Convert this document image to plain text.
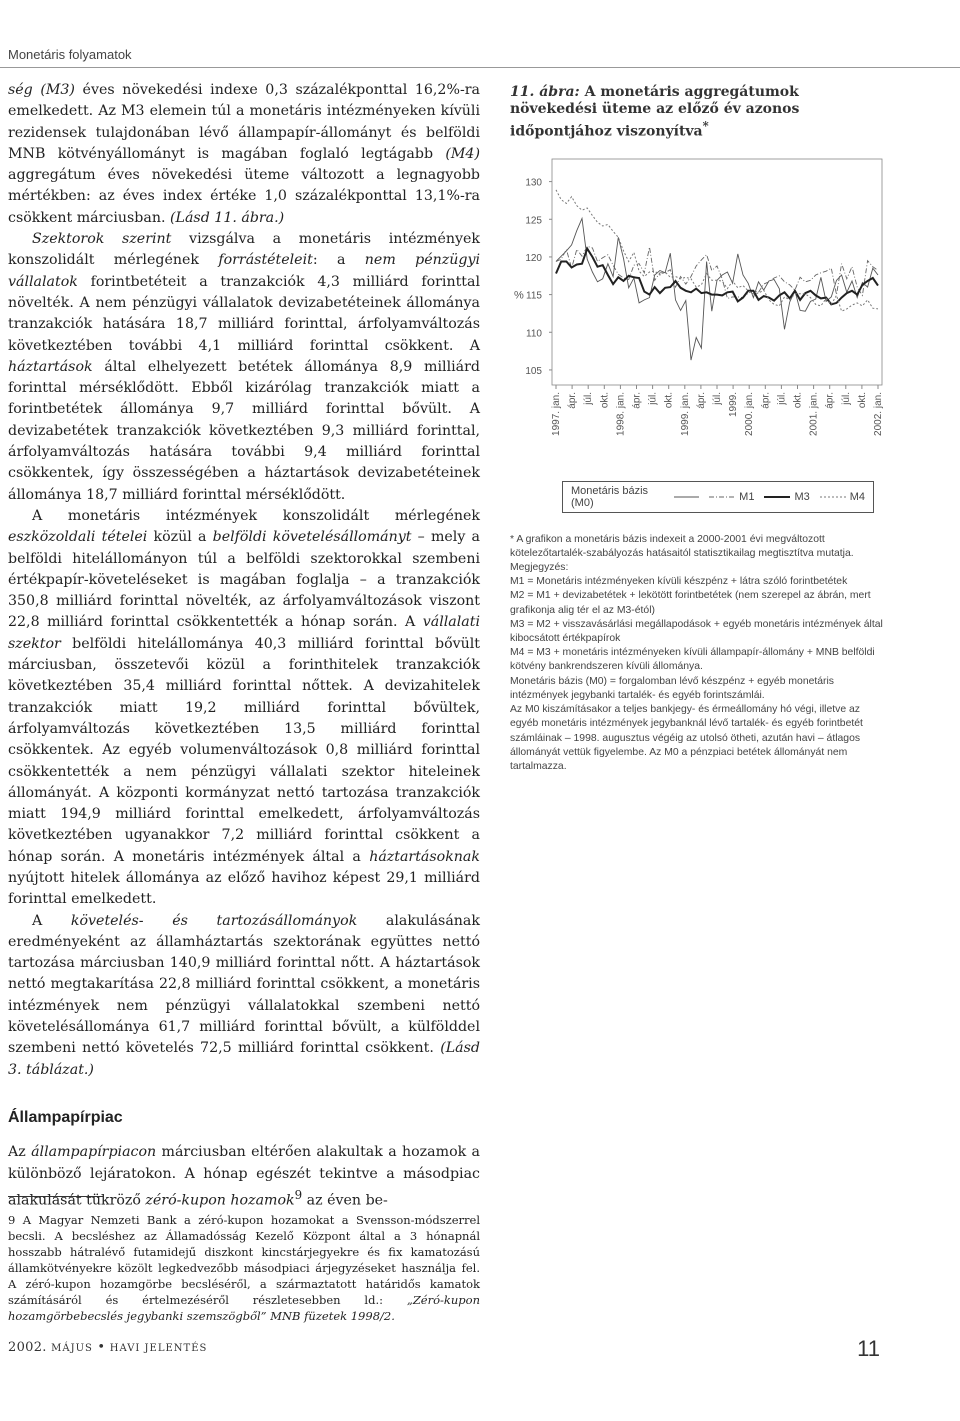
Monetáris folyamatok

ség (M3) éves növekedési indexe 0,3 százalékponttal 16,2%-ra emelkedett. Az M3 elemein túl a monetáris intézményeken kívüli rezidensek tulajdonában lévő állampapír-állományt és belföldi MNB kötvényállományt is magában foglaló legtágabb (M4) aggregátum éves növekedési üteme változott a legnagyobb mértékben: az éves index értéke 1,0 százalékponttal 13,1%-ra csökkent márciusban. (Lásd 11. ábra.)

Szektorok szerint vizsgálva a monetáris intézmények konszolidált mérlegének forrástételeit: a nem pénzügyi vállalatok forintbetéteit a tranzakciók 4,3 milliárd forinttal növelték. A nem pénzügyi vállalatok devizabetéteinek állománya tranzakciók hatására 18,7 milliárd forinttal, árfolyamváltozás következtében további 4,1 milliárd forinttal csökkent. A háztartások által elhelyezett betétek állománya 8,9 milliárd forinttal mérséklődött. Ebből kizárólag tranzakciók miatt a forintbetétek állománya 9,7 milliárd forinttal bővült. A devizabetétek tranzakciók következtében 9,3 milliárd forinttal, árfolyamváltozás hatására további 9,4 milliárd forinttal csökkentek, így összességében a háztartások devizabetéteinek állománya 18,7 milliárd forinttal mérséklődött.

A monetáris intézmények konszolidált mérlegének eszközoldali tételei közül a belföldi követelésállományt – mely a belföldi hitelállományon túl a belföldi szektorokkal szembeni értékpapír-követeléseket is magában foglalja – a tranzakciók 350,8 milliárd forinttal növelték, az árfolyamváltozások viszont 22,8 milliárd forinttal csökkentették a hónap során. A vállalati szektor belföldi hitelállománya 40,3 milliárd forinttal bővült márciusban, összetevői közül a forinthitelek tranzakciók következtében 35,4 milliárd forinttal nőttek. A devizahitelek tranzakciók miatt 19,2 milliárd forinttal bővültek, árfolyamváltozás következtében 13,5 milliárd forinttal csökkentek. Az egyéb volumenváltozások 0,8 milliárd forinttal csökkentették a nem pénzügyi vállalati szektor hiteleinek állományát. A központi kormányzat nettó tartozása tranzakciók miatt 194,9 milliárd forinttal emelkedett, árfolyamváltozás következtében ugyanakkor 7,2 milliárd forinttal csökkent a hónap során. A monetáris intézmények által a háztartásoknak nyújtott hitelek állománya az előző havihoz képest 29,1 milliárd forinttal emelkedett.

A követelés- és tartozásállományok alakulásának eredményeként az államháztartás szektorának együttes nettó tartozása márciusban 140,9 milliárd forinttal nőtt. A háztartások nettó megtakarítása 22,8 milliárd forinttal csökkent, a monetáris intézmények nem pénzügyi vállalatokkal szembeni nettó követelésállománya 61,7 milliárd forinttal bővült, a külfölddel szembeni nettó követelés 72,5 milliárd forinttal csökkent. (Lásd 3. táblázat.)

Állampapírpiac

Az állampapírpiacon márciusban eltérően alakultak a hozamok a különböző lejáratokon. A hónap egészét tekintve a másodpiac alakulását tükröző zéró-kupon hozamok$^9$ az éven be-

11. ábra: A monetáris aggregátumok növekedési üteme az előző év azonos időpontjához viszonyítva*
105
110
115
120
125
130
%
1997. jan. ápr. júl. okt. 1998. jan. ápr. júl. okt. 1999. jan. ápr. júl. 1999. 2000. jan. ápr. júl. okt. 2001. jan. ápr. júl. okt. 2002. jan.
Monetáris bázis (M0)	M1	M3	M4

* A grafikon a monetáris bázis indexeit a 2000-2001 évi megváltozott kötelezőtartalék-szabályozás hatásaitól statisztikailag megtisztítva mutatja.

Megjegyzés:

M1 = Monetáris intézményeken kívüli készpénz + látra szóló forintbetétek

M2 = M1 + devizabetétek + lekötött forintbetétek (nem szerepel az ábrán, mert grafikonja alig tér el az M3-étól)

M3 = M2 + visszavásárlási megállapodások + egyéb monetáris intézmények által kibocsátott értékpapírok

M4 = M3 + monetáris intézményeken kívüli állampapír-állomány + MNB belföldi kötvény bankrendszeren kívüli állománya.

Monetáris bázis (M0) = forgalomban lévő készpénz + egyéb monetáris intézmények jegybanki tartalék- és egyéb forintszámlái.

Az M0 kiszámításakor a teljes bankjegy- és érmeállomány hó végi, illetve az egyéb monetáris intézmények jegybanknál lévő tartalék- és egyéb forintbetét számláinak – 1998. augusztus végéig az utolsó ötheti, azután havi – átlagos állományát vettük figyelembe. Az M0 a pénzpiaci betétek állományát nem tartalmazza.

9 A Magyar Nemzeti Bank a zéró-kupon hozamokat a Svensson-módszerrel becsli. A becsléshez az Államadósság Kezelő Központ által a 3 hónapnál hosszabb hátralévő futamidejű diszkont kincstárjegyekre és fix kamatozású államkötvényekre közölt legkedvezőbb másodpiaci árjegyzéseket használja fel. A zéró-kupon hozamgörbe becsléséről, a származtatott határidős kamatok számításáról és értelmezéséről részletesebben ld.: „Zéró-kupon hozamgörbebecslés jegybanki szemszögből” MNB füzetek 1998/2.
2002. MÁJUS • HAVI JELENTÉS	11
